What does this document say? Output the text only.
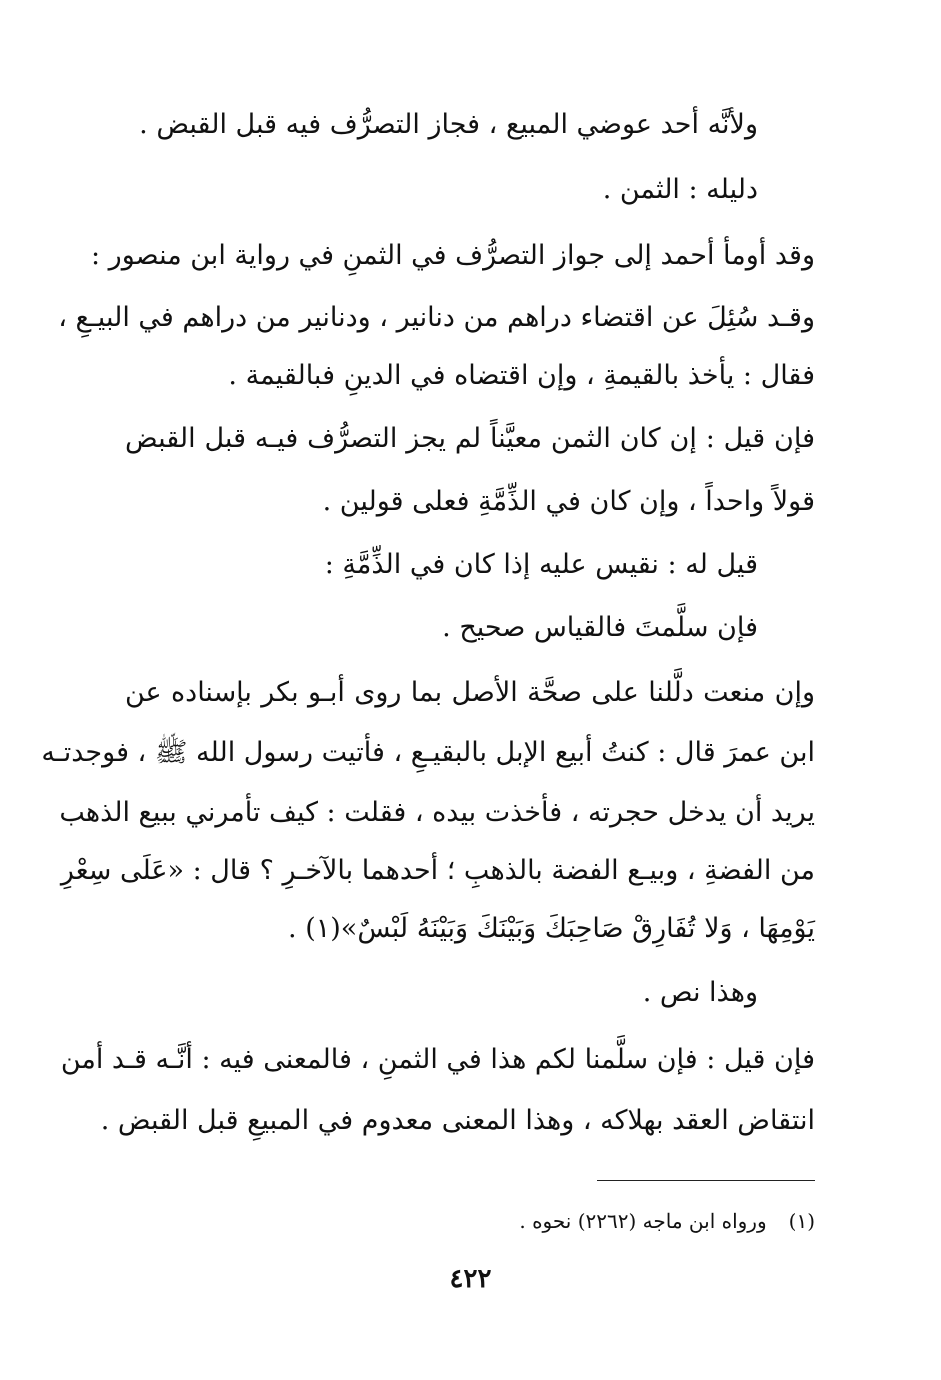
ولأنَّه أحد عوضي المبيع ، فجاز التصرُّف فيه قبل القبض .
دليله : الثمن .
وقد أومأ أحمد إلى جواز التصرُّف في الثمنِ في رواية ابن منصور :
وقـد سُئِلَ عن اقتضاء دراهم من دنانير ، ودنانير من دراهم في البيـعِ ،
فقال : يأخذ بالقيمةِ ، وإن اقتضاه في الدينِ فبالقيمة .
فإن قيل : إن كان الثمن معيَّناً لم يجز التصرُّف فيـه قبل القبض
قولاً واحداً ، وإن كان في الذِّمَّةِ فعلى قولين .
قيل له : نقيس عليه إذا كان في الذِّمَّةِ :
فإن سلَّمتَ فالقياس صحيح .
وإن منعت دلَّلنا على صحَّة الأصل بما روى أبـو بكر بإسناده عن
ابن عمرَ قال : كنتُ أبيع الإبل بالبقيـعِ ، فأتيت رسول الله ﷺ ، فوجدتـه
يريد أن يدخل حجرته ، فأخذت بيده ، فقلت : كيف تأمرني ببيع الذهب
من الفضةِ ، وبيـع الفضة بالذهبِ ؛ أحدهما بالآخـرِ ؟ قال : «عَلَى سِعْرِ
يَوْمِهَا ، وَلا تُفَارِقْ صَاحِبَكَ وَبَيْنَكَ وَبَيْنَهُ لَبْسٌ»(١) .
وهذا نص .
فإن قيل : فإن سلَّمنا لكم هذا في الثمنِ ، فالمعنى فيه : أنَّـه قـد أمن
انتقاض العقد بهلاكه ، وهذا المعنى معدوم في المبيعِ قبل القبض .
(١)ورواه ابن ماجه (٢٢٦٢) نحوه .
٤٢٢
